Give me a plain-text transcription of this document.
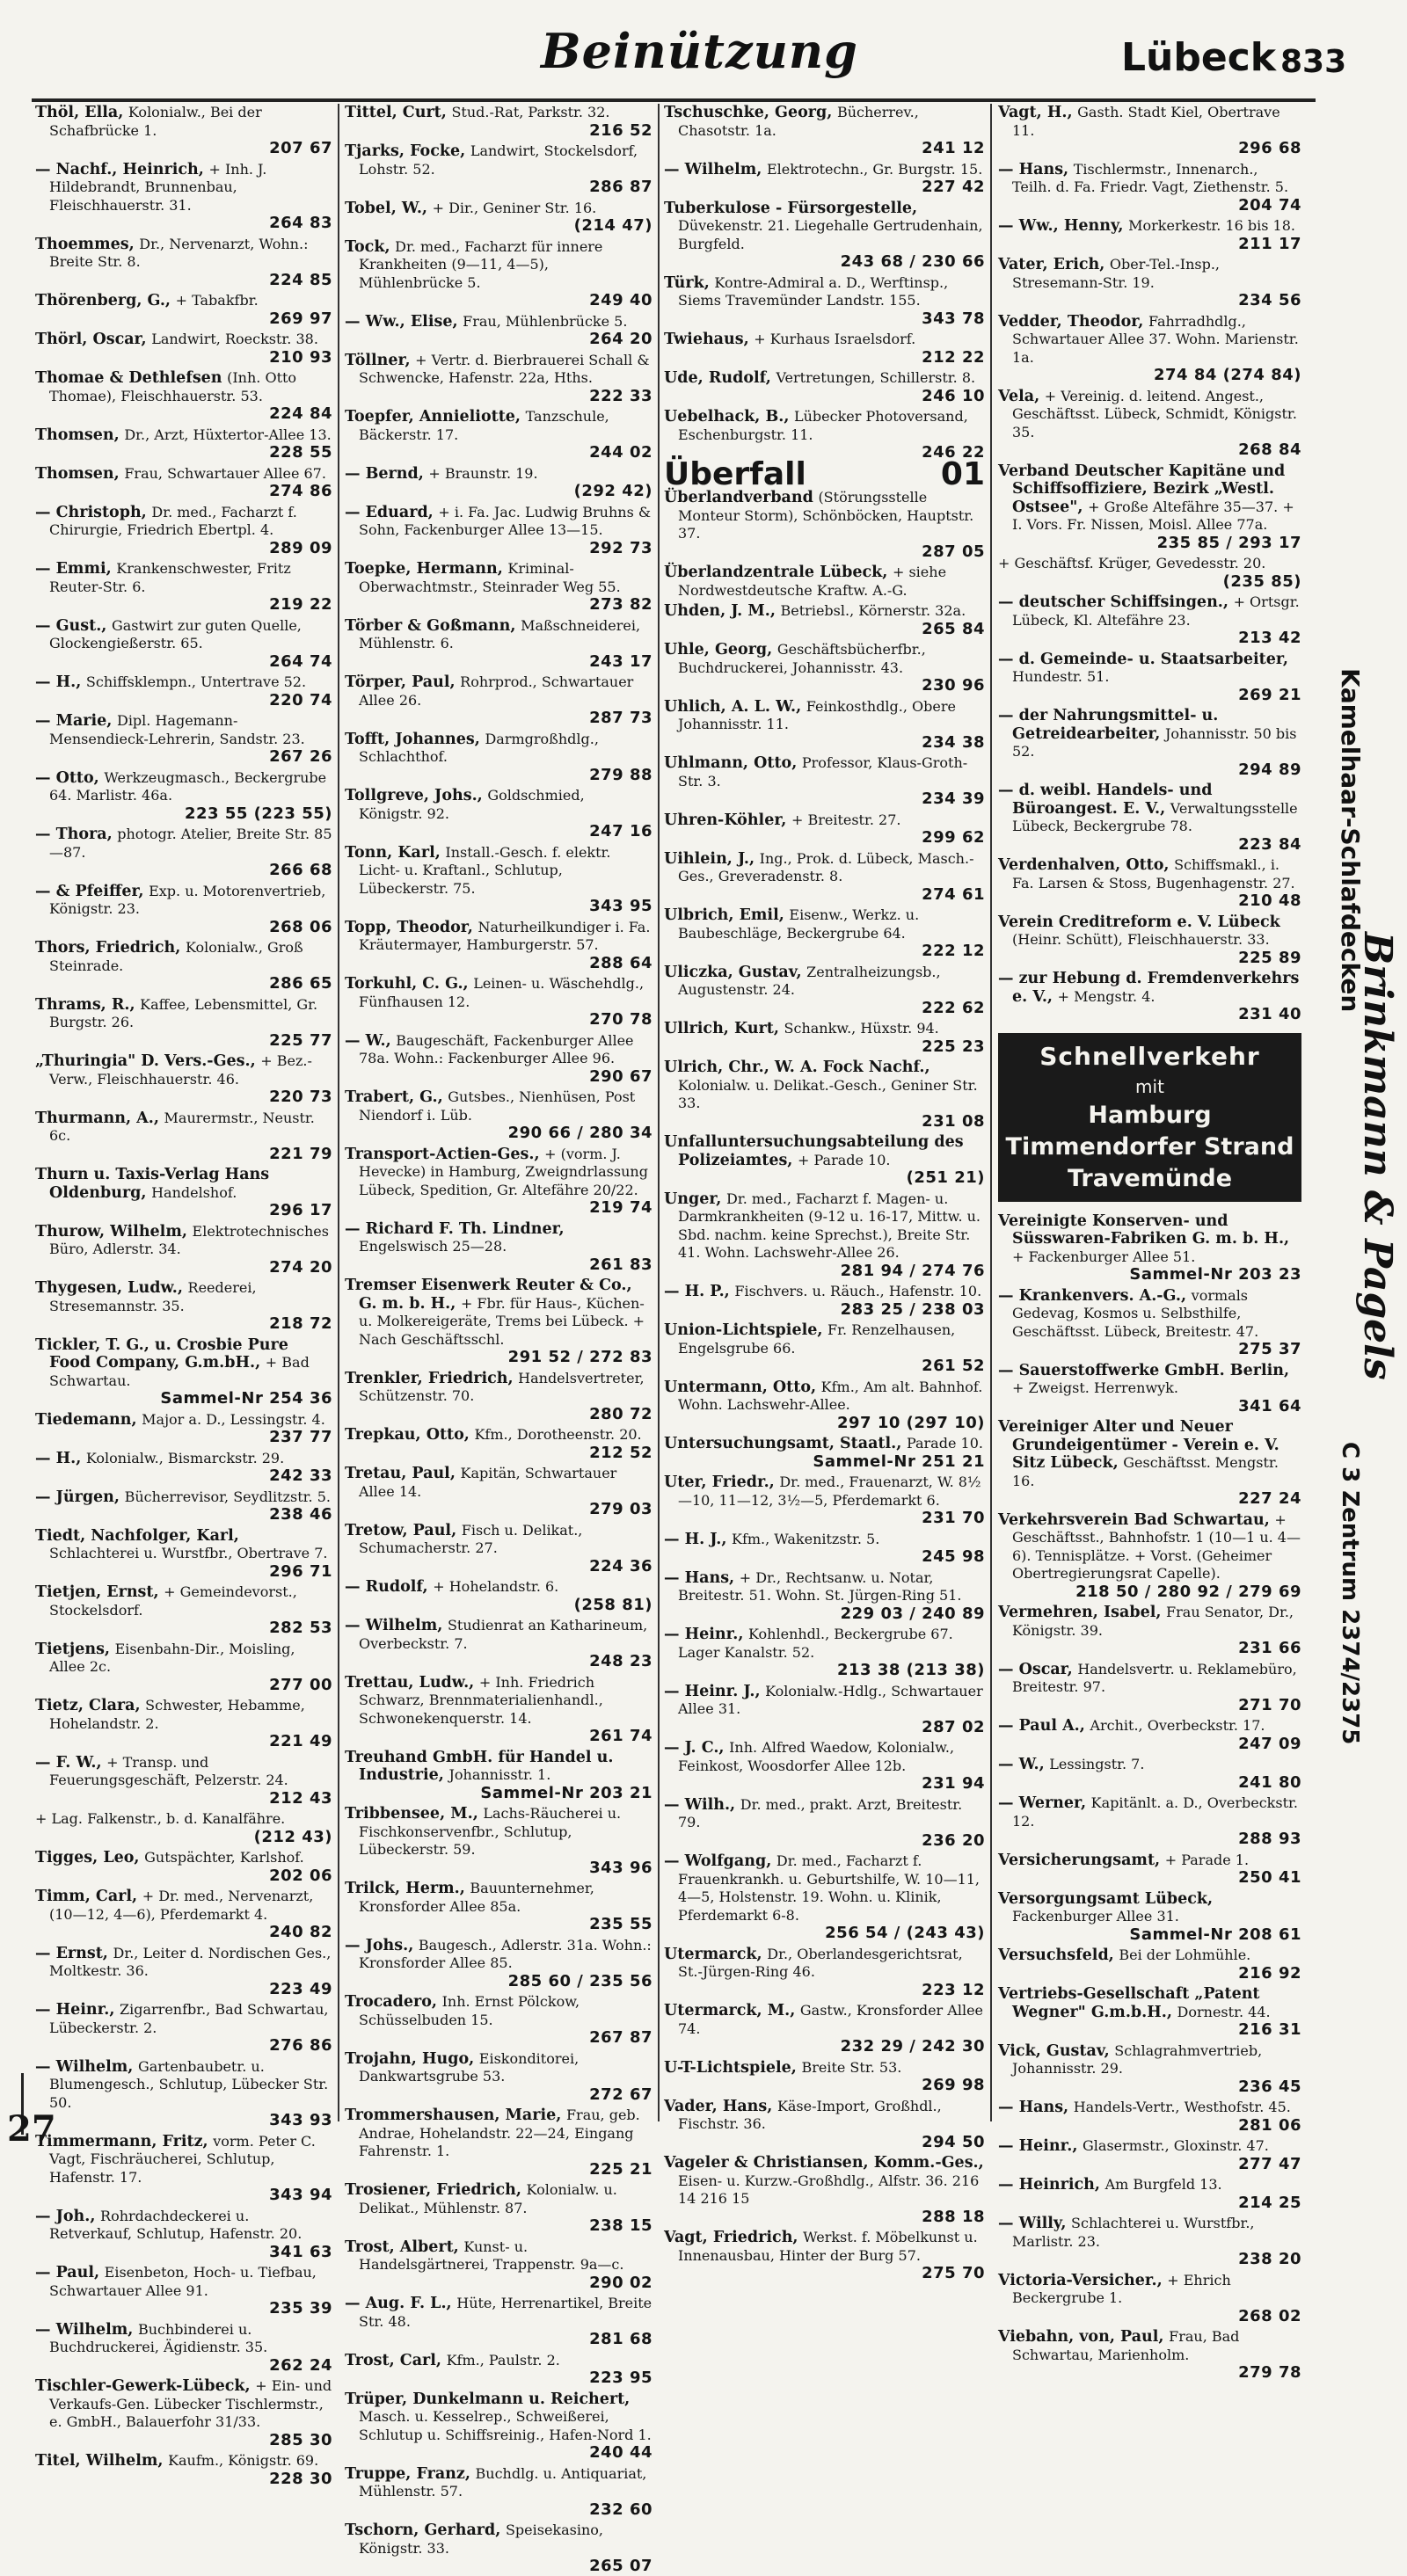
Beinützung	Lübeck 833
Thöl, Ella, Kolonialw., Bei der Schafbrücke 1.
207 67
— Nachf., Heinrich, + Inh. J. Hildebrandt, Brunnenbau, Fleischhauerstr. 31.
264 83
Thoemmes, Dr., Nervenarzt, Wohn.: Breite Str. 8.
224 85
Thörenberg, G., + Tabakfbr.
269 97
Thörl, Oscar, Landwirt, Roeckstr. 38.
210 93
Thomae & Dethlefsen (Inh. Otto Thomae), Fleischhauerstr. 53.
224 84
Thomsen, Dr., Arzt, Hüxtertor-Allee 13.
228 55
Thomsen, Frau, Schwartauer Allee 67.
274 86
— Christoph, Dr. med., Facharzt f. Chirurgie, Friedrich Ebertpl. 4.
289 09
— Emmi, Krankenschwester, Fritz Reuter-Str. 6.
219 22
— Gust., Gastwirt zur guten Quelle, Glockengießerstr. 65.
264 74
— H., Schiffsklempn., Untertrave 52.
220 74
— Marie, Dipl. Hagemann-Mensendieck-Lehrerin, Sandstr. 23.
267 26
— Otto, Werkzeugmasch., Beckergrube 64. Marlistr. 46a.
223 55 (223 55)
— Thora, photogr. Atelier, Breite Str. 85—87.
266 68
— & Pfeiffer, Exp. u. Motorenvertrieb, Königstr. 23.
268 06
Thors, Friedrich, Kolonialw., Groß Steinrade.
286 65
Thrams, R., Kaffee, Lebensmittel, Gr. Burgstr. 26.
225 77
„Thuringia" D. Vers.-Ges., + Bez.-Verw., Fleischhauerstr. 46.
220 73
Thurmann, A., Maurermstr., Neustr. 6c.
221 79
Thurn u. Taxis-Verlag Hans Oldenburg, Handelshof.
296 17
Thurow, Wilhelm, Elektrotechnisches Büro, Adlerstr. 34.
274 20
Thygesen, Ludw., Reederei, Stresemannstr. 35.
218 72
Tickler, T. G., u. Crosbie Pure Food Company, G.m.bH., + Bad Schwartau.
Sammel-Nr 254 36
Tiedemann, Major a. D., Lessingstr. 4.
237 77
— H., Kolonialw., Bismarckstr. 29.
242 33
— Jürgen, Bücherrevisor, Seydlitzstr. 5.
238 46
Tiedt, Nachfolger, Karl, Schlachterei u. Wurstfbr., Obertrave 7.
296 71
Tietjen, Ernst, + Gemeindevorst., Stockelsdorf.
282 53
Tietjens, Eisenbahn-Dir., Moisling, Allee 2c.
277 00
Tietz, Clara, Schwester, Hebamme, Hohelandstr. 2.
221 49
— F. W., + Transp. und Feuerungsgeschäft, Pelzerstr. 24.
212 43
+ Lag. Falkenstr., b. d. Kanalfähre.
(212 43)
Tigges, Leo, Gutspächter, Karlshof.
202 06
Timm, Carl, + Dr. med., Nervenarzt, (10—12, 4—6), Pferdemarkt 4.
240 82
— Ernst, Dr., Leiter d. Nordischen Ges., Moltkestr. 36.
223 49
— Heinr., Zigarrenfbr., Bad Schwartau, Lübeckerstr. 2.
276 86
— Wilhelm, Gartenbaubetr. u. Blumengesch., Schlutup, Lübecker Str. 50.
343 93
Timmermann, Fritz, vorm. Peter C. Vagt, Fischräucherei, Schlutup, Hafenstr. 17.
343 94
— Joh., Rohrdachdeckerei u. Retverkauf, Schlutup, Hafenstr. 20.
341 63
— Paul, Eisenbeton, Hoch- u. Tiefbau, Schwartauer Allee 91.
235 39
— Wilhelm, Buchbinderei u. Buchdruckerei, Ägidienstr. 35.
262 24
Tischler-Gewerk-Lübeck, + Ein- und Verkaufs-Gen. Lübecker Tischlermstr., e. GmbH., Balauerfohr 31/33.
285 30
Titel, Wilhelm, Kaufm., Königstr. 69.
228 30
Tittel, Curt, Stud.-Rat, Parkstr. 32.
216 52
Tjarks, Focke, Landwirt, Stockelsdorf, Lohstr. 52.
286 87
Tobel, W., + Dir., Geniner Str. 16.
(214 47)
Tock, Dr. med., Facharzt für innere Krankheiten (9—11, 4—5), Mühlenbrücke 5.
249 40
— Ww., Elise, Frau, Mühlenbrücke 5.
264 20
Töllner, + Vertr. d. Bierbrauerei Schall & Schwencke, Hafenstr. 22a, Hths.
222 33
Toepfer, Annieliotte, Tanzschule, Bäckerstr. 17.
244 02
— Bernd, + Braunstr. 19.
(292 42)
— Eduard, + i. Fa. Jac. Ludwig Bruhns & Sohn, Fackenburger Allee 13—15.
292 73
Toepke, Hermann, Kriminal-Oberwachtmstr., Steinrader Weg 55.
273 82
Törber & Goßmann, Maßschneiderei, Mühlenstr. 6.
243 17
Törper, Paul, Rohrprod., Schwartauer Allee 26.
287 73
Tofft, Johannes, Darmgroßhdlg., Schlachthof.
279 88
Tollgreve, Johs., Goldschmied, Königstr. 92.
247 16
Tonn, Karl, Install.-Gesch. f. elektr. Licht- u. Kraftanl., Schlutup, Lübeckerstr. 75.
343 95
Topp, Theodor, Naturheilkundiger i. Fa. Kräutermayer, Hamburgerstr. 57.
288 64
Torkuhl, C. G., Leinen- u. Wäschehdlg., Fünfhausen 12.
270 78
— W., Baugeschäft, Fackenburger Allee 78a. Wohn.: Fackenburger Allee 96.
290 67
Trabert, G., Gutsbes., Nienhüsen, Post Niendorf i. Lüb.
290 66 / 280 34
Transport-Actien-Ges., + (vorm. J. Hevecke) in Hamburg, Zweigndrlassung Lübeck, Spedition, Gr. Altefähre 20/22.
219 74
— Richard F. Th. Lindner, Engelswisch 25—28.
261 83
Tremser Eisenwerk Reuter & Co., G. m. b. H., + Fbr. für Haus-, Küchen- u. Molkereigeräte, Trems bei Lübeck. + Nach Geschäftsschl.
291 52 / 272 83
Trenkler, Friedrich, Handelsvertreter, Schützenstr. 70.
280 72
Trepkau, Otto, Kfm., Dorotheenstr. 20.
212 52
Tretau, Paul, Kapitän, Schwartauer Allee 14.
279 03
Tretow, Paul, Fisch u. Delikat., Schumacherstr. 27.
224 36
— Rudolf, + Hohelandstr. 6.
(258 81)
— Wilhelm, Studienrat an Katharineum, Overbeckstr. 7.
248 23
Trettau, Ludw., + Inh. Friedrich Schwarz, Brennmaterialienhandl., Schwonekenquerstr. 14.
261 74
Treuhand GmbH. für Handel u. Industrie, Johannisstr. 1.
Sammel-Nr 203 21
Tribbensee, M., Lachs-Räucherei u. Fischkonservenfbr., Schlutup, Lübeckerstr. 59.
343 96
Trilck, Herm., Bauunternehmer, Kronsforder Allee 85a.
235 55
— Johs., Baugesch., Adlerstr. 31a. Wohn.: Kronsforder Allee 85.
285 60 / 235 56
Trocadero, Inh. Ernst Pölckow, Schüsselbuden 15.
267 87
Trojahn, Hugo, Eiskonditorei, Dankwartsgrube 53.
272 67
Trommershausen, Marie, Frau, geb. Andrae, Hohelandstr. 22—24, Eingang Fahrenstr. 1.
225 21
Trosiener, Friedrich, Kolonialw. u. Delikat., Mühlenstr. 87.
238 15
Trost, Albert, Kunst- u. Handelsgärtnerei, Trappenstr. 9a—c.
290 02
— Aug. F. L., Hüte, Herrenartikel, Breite Str. 48.
281 68
Trost, Carl, Kfm., Paulstr. 2.
223 95
Trüper, Dunkelmann u. Reichert, Masch. u. Kesselrep., Schweißerei, Schlutup u. Schiffsreinig., Hafen-Nord 1.
240 44
Truppe, Franz, Buchdlg. u. Antiquariat, Mühlenstr. 57.
232 60
Tschorn, Gerhard, Speisekasino, Königstr. 33.
265 07
Tschuschke, Georg, Bücherrev., Chasotstr. 1a.
241 12
— Wilhelm, Elektrotechn., Gr. Burgstr. 15.
227 42
Tuberkulose - Fürsorgestelle, Düvekenstr. 21. Liegehalle Gertrudenhain, Burgfeld.
243 68 / 230 66
Türk, Kontre-Admiral a. D., Werftinsp., Siems Travemünder Landstr. 155.
343 78
Twiehaus, + Kurhaus Israelsdorf.
212 22
Ude, Rudolf, Vertretungen, Schillerstr. 8.
246 10
Uebelhack, B., Lübecker Photoversand, Eschenburgstr. 11.
246 22
Überfall	01
Überlandverband (Störungsstelle Monteur Storm), Schönböcken, Hauptstr. 37.
287 05
Überlandzentrale Lübeck, + siehe Nordwestdeutsche Kraftw. A.-G.
Uhden, J. M., Betriebsl., Körnerstr. 32a.
265 84
Uhle, Georg, Geschäftsbücherfbr., Buchdruckerei, Johannisstr. 43.
230 96
Uhlich, A. L. W., Feinkosthdlg., Obere Johannisstr. 11.
234 38
Uhlmann, Otto, Professor, Klaus-Groth-Str. 3.
234 39
Uhren-Köhler, + Breitestr. 27.
299 62
Uihlein, J., Ing., Prok. d. Lübeck, Masch.-Ges., Greveradenstr. 8.
274 61
Ulbrich, Emil, Eisenw., Werkz. u. Baubeschläge, Beckergrube 64.
222 12
Uliczka, Gustav, Zentralheizungsb., Augustenstr. 24.
222 62
Ullrich, Kurt, Schankw., Hüxstr. 94.
225 23
Ulrich, Chr., W. A. Fock Nachf., Kolonialw. u. Delikat.-Gesch., Geniner Str. 33.
231 08
Unfalluntersuchungsabteilung des Polizeiamtes, + Parade 10.
(251 21)
Unger, Dr. med., Facharzt f. Magen- u. Darmkrankheiten (9-12 u. 16-17, Mittw. u. Sbd. nachm. keine Sprechst.), Breite Str. 41. Wohn. Lachswehr-Allee 26.
281 94 / 274 76
— H. P., Fischvers. u. Räuch., Hafenstr. 10.
283 25 / 238 03
Union-Lichtspiele, Fr. Renzelhausen, Engelsgrube 66.
261 52
Untermann, Otto, Kfm., Am alt. Bahnhof. Wohn. Lachswehr-Allee.
297 10 (297 10)
Untersuchungsamt, Staatl., Parade 10.
Sammel-Nr 251 21
Uter, Friedr., Dr. med., Frauenarzt, W. 8½—10, 11—12, 3½—5, Pferdemarkt 6.
231 70
— H. J., Kfm., Wakenitzstr. 5.
245 98
— Hans, + Dr., Rechtsanw. u. Notar, Breitestr. 51. Wohn. St. Jürgen-Ring 51.
229 03 / 240 89
— Heinr., Kohlenhdl., Beckergrube 67. Lager Kanalstr. 52.
213 38 (213 38)
— Heinr. J., Kolonialw.-Hdlg., Schwartauer Allee 31.
287 02
— J. C., Inh. Alfred Waedow, Kolonialw., Feinkost, Woosdorfer Allee 12b.
231 94
— Wilh., Dr. med., prakt. Arzt, Breitestr. 79.
236 20
— Wolfgang, Dr. med., Facharzt f. Frauenkrankh. u. Geburtshilfe, W. 10—11, 4—5, Holstenstr. 19. Wohn. u. Klinik, Pferdemarkt 6-8.
256 54 / (243 43)
Utermarck, Dr., Oberlandesgerichtsrat, St.-Jürgen-Ring 46.
223 12
Utermarck, M., Gastw., Kronsforder Allee 74.
232 29 / 242 30
U-T-Lichtspiele, Breite Str. 53.
269 98
Vader, Hans, Käse-Import, Großhdl., Fischstr. 36.
294 50
Vageler & Christiansen, Komm.-Ges., Eisen- u. Kurzw.-Großhdlg., Alfstr. 36. 216 14 216 15
288 18
Vagt, Friedrich, Werkst. f. Möbelkunst u. Innenausbau, Hinter der Burg 57.
275 70
Vagt, H., Gasth. Stadt Kiel, Obertrave 11.
296 68
— Hans, Tischlermstr., Innenarch., Teilh. d. Fa. Friedr. Vagt, Ziethenstr. 5.
204 74
— Ww., Henny, Morkerkestr. 16 bis 18.
211 17
Vater, Erich, Ober-Tel.-Insp., Stresemann-Str. 19.
234 56
Vedder, Theodor, Fahrradhdlg., Schwartauer Allee 37. Wohn. Marienstr. 1a.
274 84 (274 84)
Vela, + Vereinig. d. leitend. Angest., Geschäftsst. Lübeck, Schmidt, Königstr. 35.
268 84
Verband Deutscher Kapitäne und Schiffsoffiziere, Bezirk „Westl. Ostsee", + Große Altefähre 35—37. + I. Vors. Fr. Nissen, Moisl. Allee 77a.
235 85 / 293 17
+ Geschäftsf. Krüger, Gevedesstr. 20.
(235 85)
— deutscher Schiffsingen., + Ortsgr. Lübeck, Kl. Altefähre 23.
213 42
— d. Gemeinde- u. Staatsarbeiter, Hundestr. 51.
269 21
— der Nahrungsmittel- u. Getreidearbeiter, Johannisstr. 50 bis 52.
294 89
— d. weibl. Handels- und Büroangest. E. V., Verwaltungsstelle Lübeck, Beckergrube 78.
223 84
Verdenhalven, Otto, Schiffsmakl., i. Fa. Larsen & Stoss, Bugenhagenstr. 27.
210 48
Verein Creditreform e. V. Lübeck (Heinr. Schütt), Fleischhauerstr. 33.
225 89
— zur Hebung d. Fremdenverkehrs e. V., + Mengstr. 4.
231 40
Schnellverkehr
mit
Hamburg
Timmendorfer Strand
Travemünde
Vereinigte Konserven- und Süsswaren-Fabriken G. m. b. H., + Fackenburger Allee 51.
Sammel-Nr 203 23
— Krankenvers. A.-G., vormals Gedevag, Kosmos u. Selbsthilfe, Geschäftsst. Lübeck, Breitestr. 47.
275 37
— Sauerstoffwerke GmbH. Berlin, + Zweigst. Herrenwyk.
341 64
Vereiniger Alter und Neuer Grundeigentümer - Verein e. V. Sitz Lübeck, Geschäftsst. Mengstr. 16.
227 24
Verkehrsverein Bad Schwartau, + Geschäftsst., Bahnhofstr. 1 (10—1 u. 4—6). Tennisplätze. + Vorst. (Geheimer Obertregierungsrat Capelle).
218 50 / 280 92 / 279 69
Vermehren, Isabel, Frau Senator, Dr., Königstr. 39.
231 66
— Oscar, Handelsvertr. u. Reklamebüro, Breitestr. 97.
271 70
— Paul A., Archit., Overbeckstr. 17.
247 09
— W., Lessingstr. 7.
241 80
— Werner, Kapitänlt. a. D., Overbeckstr. 12.
288 93
Versicherungsamt, + Parade 1.
250 41
Versorgungsamt Lübeck, Fackenburger Allee 31.
Sammel-Nr 208 61
Versuchsfeld, Bei der Lohmühle.
216 92
Vertriebs-Gesellschaft „Patent Wegner" G.m.b.H., Dornestr. 44.
216 31
Vick, Gustav, Schlagrahmvertrieb, Johannisstr. 29.
236 45
— Hans, Handels-Vertr., Westhofstr. 45.
281 06
— Heinr., Glasermstr., Gloxinstr. 47.
277 47
— Heinrich, Am Burgfeld 13.
214 25
— Willy, Schlachterei u. Wurstfbr., Marlistr. 23.
238 20
Victoria-Versicher., + Ehrich Beckergrube 1.
268 02
Viebahn, von, Paul, Frau, Bad Schwartau, Marienholm.
279 78
Kamelhaar-Schlafdecken
Brinkmann & Pagels
C 3 Zentrum 2374/2375
27
